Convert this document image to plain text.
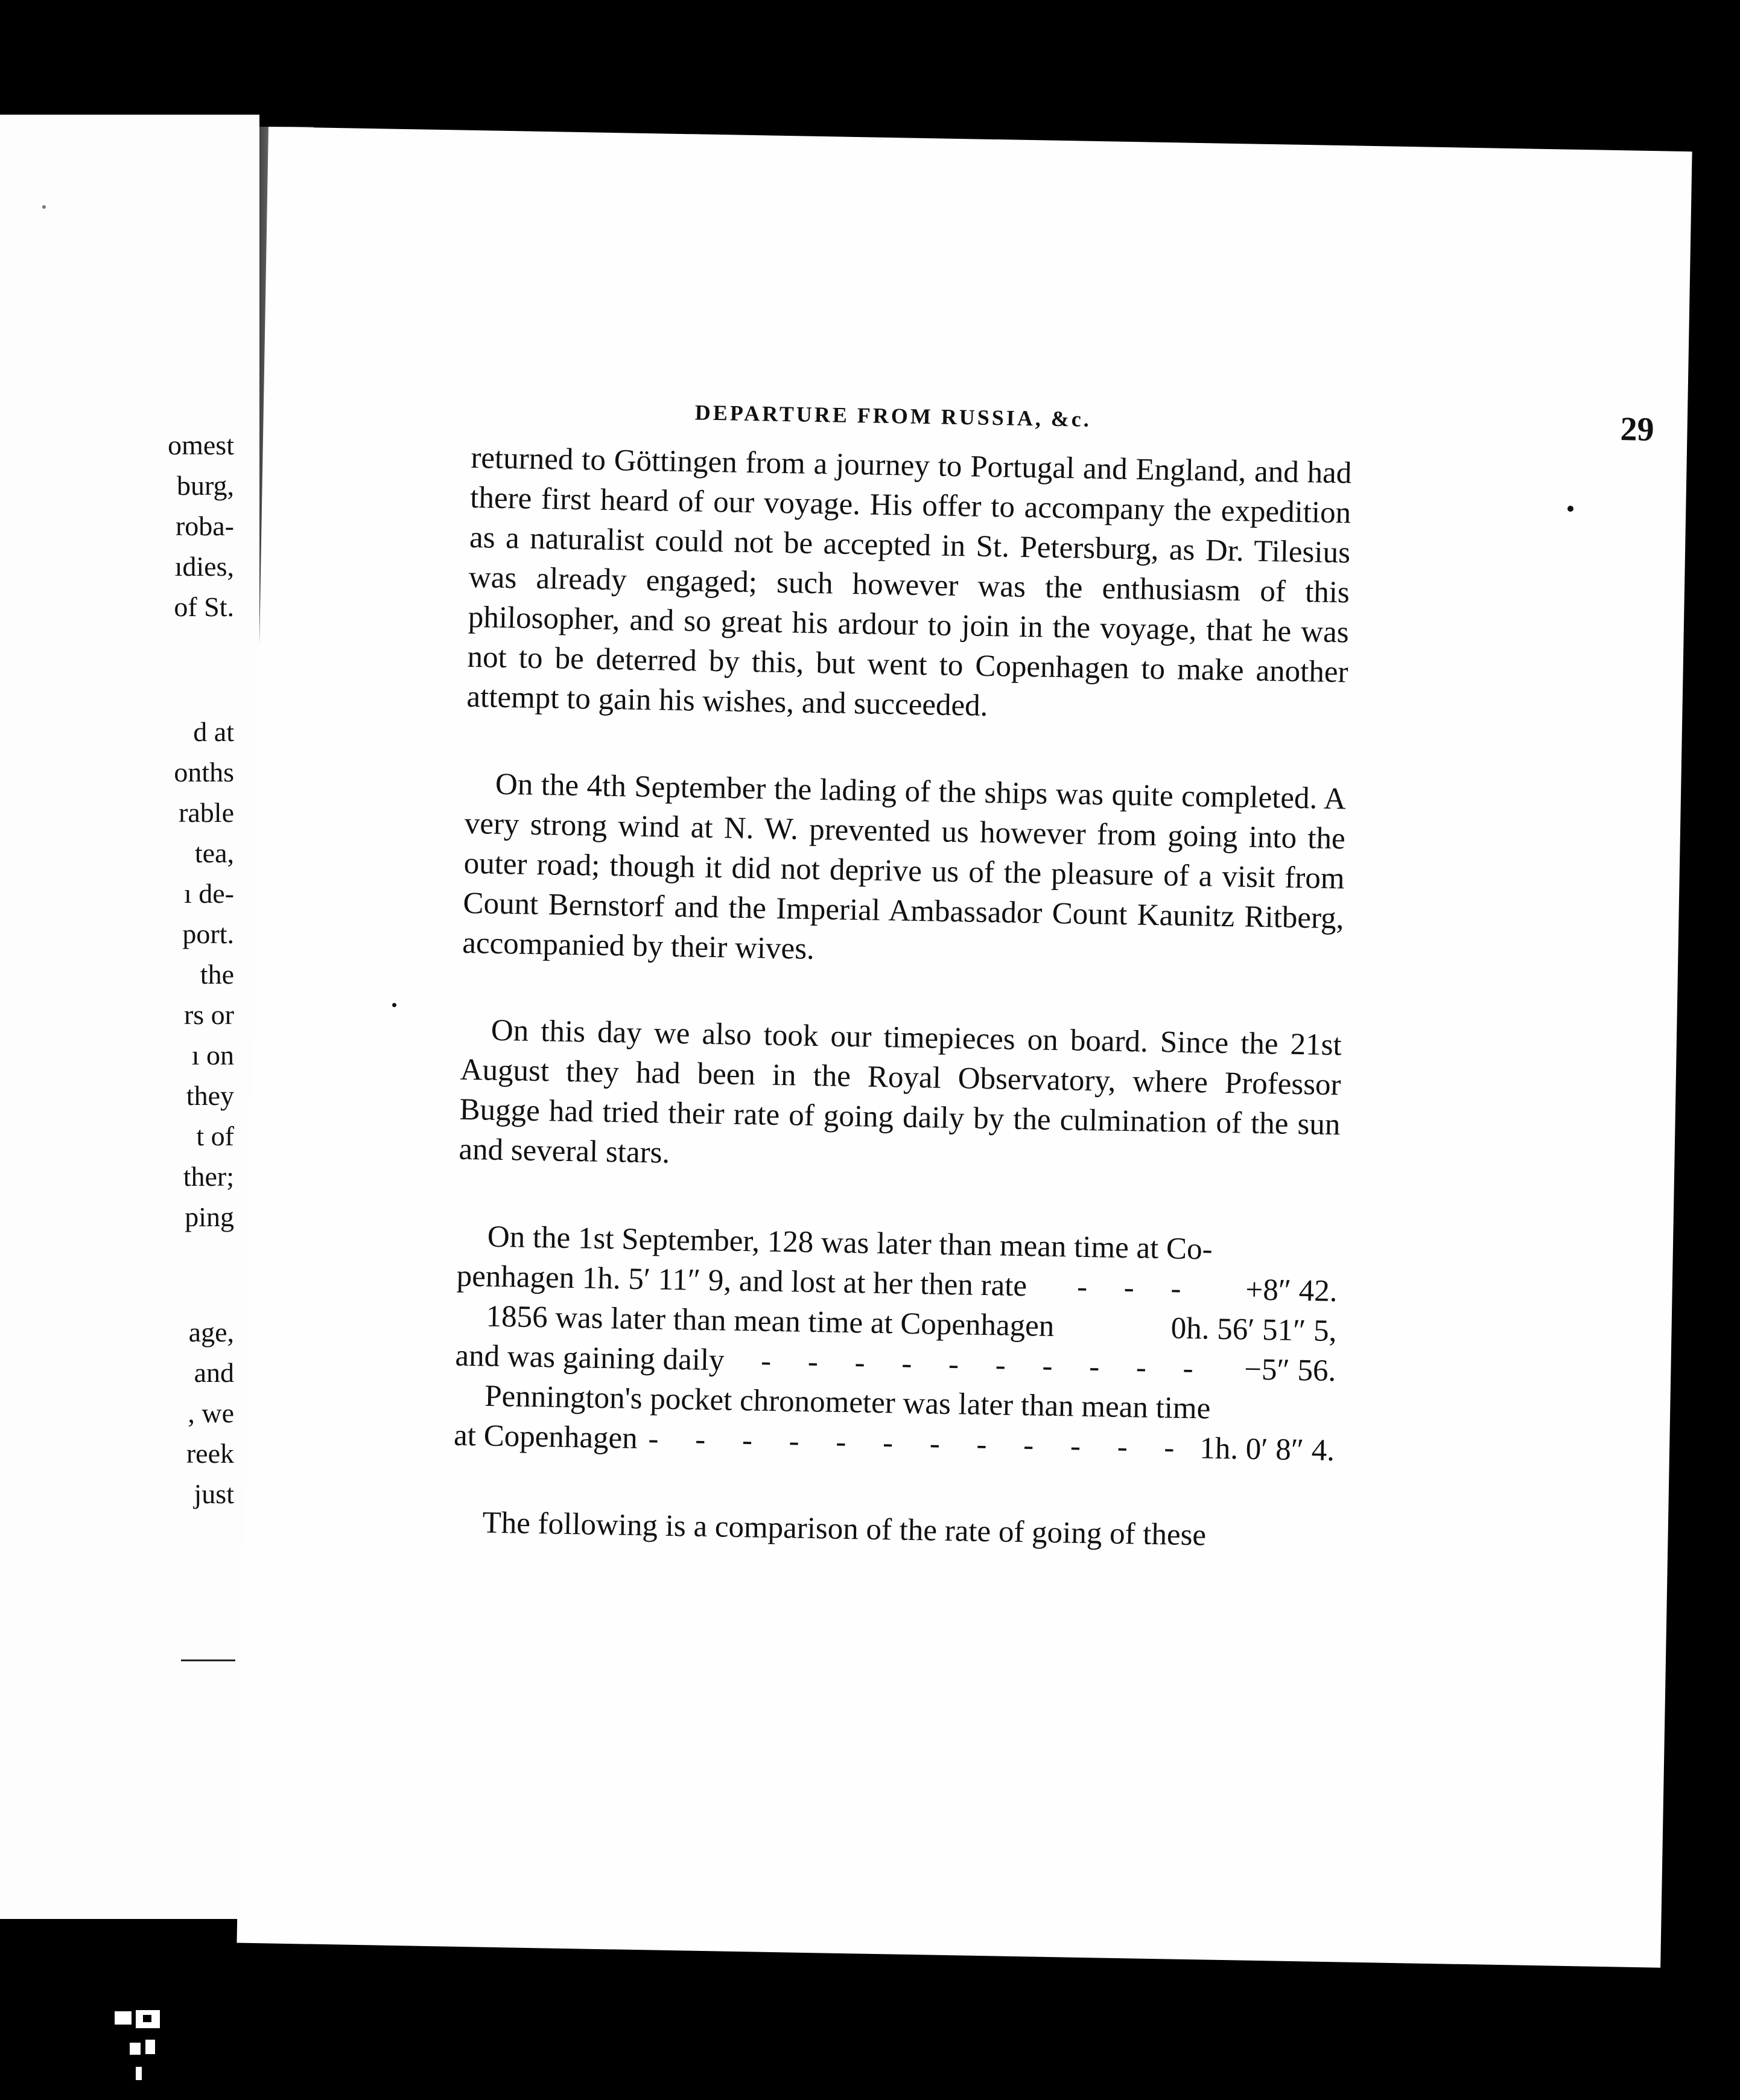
omest
burg,
roba-
ıdies,
of St.
d at
onths
rable
tea,
ı de-
port.
the
rs or
ı on
they
t of
ther;
ping
age,
and
, we
reek
just
DEPARTURE FROM RUSSIA, &c.	29

returned to Göttingen from a journey to Portugal and England, and had there first heard of our voyage. His offer to accompany the expedition as a naturalist could not be accepted in St. Petersburg, as Dr. Tilesius was already engaged; such however was the enthusiasm of this philosopher, and so great his ardour to join in the voyage, that he was not to be deterred by this, but went to Copenhagen to make another attempt to gain his wishes, and succeeded.

On the 4th September the lading of the ships was quite completed. A very strong wind at N. W. prevented us however from going into the outer road; though it did not deprive us of the pleasure of a visit from Count Bernstorf and the Imperial Ambassador Count Kaunitz Ritberg, accompanied by their wives.

On this day we also took our timepieces on board. Since the 21st August they had been in the Royal Observatory, where Professor Bugge had tried their rate of going daily by the culmination of the sun and several stars.

On the 1st September, 128 was later than mean time at Co-
penhagen 1h. 5′ 11″ 9, and lost at her then rate	- - -	+8″ 42.
1856 was later than mean time at Copenhagen	0h. 56′ 51″ 5,
and was gaining daily	- - - - - - - - - -	−5″ 56.
Pennington's pocket chronometer was later than mean time
at Copenhagen - - - - - - - - - - - - 1h. 0′ 8″ 4.

The following is a comparison of the rate of going of these
